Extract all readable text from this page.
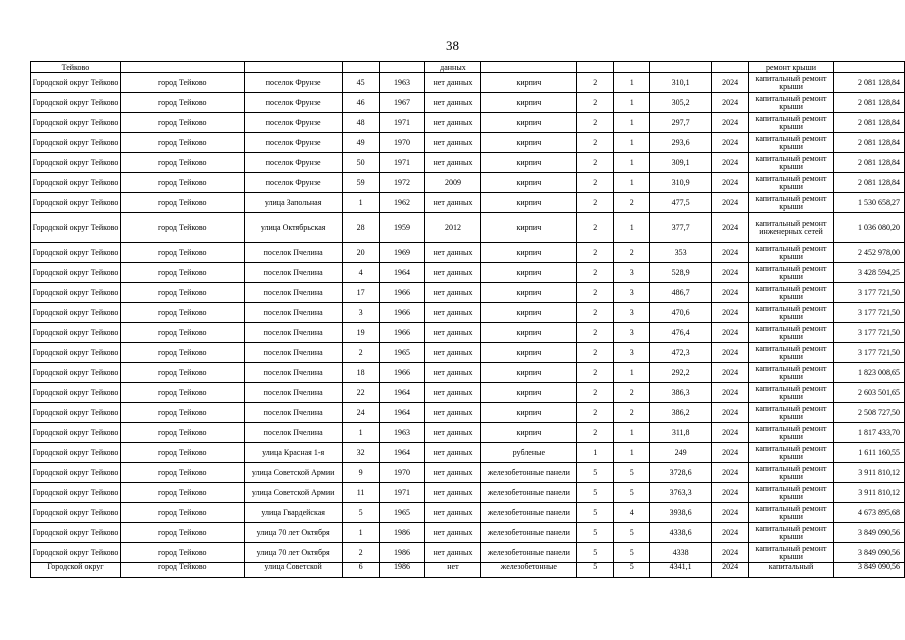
38
Тейково					данных						ремонт крыши	
Городской округ Тейково	город Тейково	поселок Фрунзе	45	1963	нет данных	кирпич	2	1	310,1	2024	капитальный ремонт крыши	2 081 128,84
Городской округ Тейково	город Тейково	поселок Фрунзе	46	1967	нет данных	кирпич	2	1	305,2	2024	капитальный ремонт крыши	2 081 128,84
Городской округ Тейково	город Тейково	поселок Фрунзе	48	1971	нет данных	кирпич	2	1	297,7	2024	капитальный ремонт крыши	2 081 128,84
Городской округ Тейково	город Тейково	поселок Фрунзе	49	1970	нет данных	кирпич	2	1	293,6	2024	капитальный ремонт крыши	2 081 128,84
Городской округ Тейково	город Тейково	поселок Фрунзе	50	1971	нет данных	кирпич	2	1	309,1	2024	капитальный ремонт крыши	2 081 128,84
Городской округ Тейково	город Тейково	поселок Фрунзе	59	1972	2009	кирпич	2	1	310,9	2024	капитальный ремонт крыши	2 081 128,84
Городской округ Тейково	город Тейково	улица Запольная	1	1962	нет данных	кирпич	2	2	477,5	2024	капитальный ремонт крыши	1 530 658,27
Городской округ Тейково	город Тейково	улица Октябрьская	28	1959	2012	кирпич	2	1	377,7	2024	капитальный ремонт инженерных сетей	1 036 080,20
Городской округ Тейково	город Тейково	поселок Пчелина	20	1969	нет данных	кирпич	2	2	353	2024	капитальный ремонт крыши	2 452 978,00
Городской округ Тейково	город Тейково	поселок Пчелина	4	1964	нет данных	кирпич	2	3	528,9	2024	капитальный ремонт крыши	3 428 594,25
Городской округ Тейково	город Тейково	поселок Пчелина	17	1966	нет данных	кирпич	2	3	486,7	2024	капитальный ремонт крыши	3 177 721,50
Городской округ Тейково	город Тейково	поселок Пчелина	3	1966	нет данных	кирпич	2	3	470,6	2024	капитальный ремонт крыши	3 177 721,50
Городской округ Тейково	город Тейково	поселок Пчелина	19	1966	нет данных	кирпич	2	3	476,4	2024	капитальный ремонт крыши	3 177 721,50
Городской округ Тейково	город Тейково	поселок Пчелина	2	1965	нет данных	кирпич	2	3	472,3	2024	капитальный ремонт крыши	3 177 721,50
Городской округ Тейково	город Тейково	поселок Пчелина	18	1966	нет данных	кирпич	2	1	292,2	2024	капитальный ремонт крыши	1 823 008,65
Городской округ Тейково	город Тейково	поселок Пчелина	22	1964	нет данных	кирпич	2	2	386,3	2024	капитальный ремонт крыши	2 603 501,65
Городской округ Тейково	город Тейково	поселок Пчелина	24	1964	нет данных	кирпич	2	2	386,2	2024	капитальный ремонт крыши	2 508 727,50
Городской округ Тейково	город Тейково	поселок Пчелина	1	1963	нет данных	кирпич	2	1	311,8	2024	капитальный ремонт крыши	1 817 433,70
Городской округ Тейково	город Тейково	улица Красная 1-я	32	1964	нет данных	рубленые	1	1	249	2024	капитальный ремонт крыши	1 611 160,55
Городской округ Тейково	город Тейково	улица Советской Армии	9	1970	нет данных	железобетонные панели	5	5	3728,6	2024	капитальный ремонт крыши	3 911 810,12
Городской округ Тейково	город Тейково	улица Советской Армии	11	1971	нет данных	железобетонные панели	5	5	3763,3	2024	капитальный ремонт крыши	3 911 810,12
Городской округ Тейково	город Тейково	улица Гвардейская	5	1965	нет данных	железобетонные панели	5	4	3938,6	2024	капитальный ремонт крыши	4 673 895,68
Городской округ Тейково	город Тейково	улица 70 лет Октября	1	1986	нет данных	железобетонные панели	5	5	4338,6	2024	капитальный ремонт крыши	3 849 090,56
Городской округ Тейково	город Тейково	улица 70 лет Октября	2	1986	нет данных	железобетонные панели	5	5	4338	2024	капитальный ремонт крыши	3 849 090,56
Городской округ	город Тейково	улица Советской	6	1986	нет	железобетонные	5	5	4341,1	2024	капитальный	3 849 090,56
